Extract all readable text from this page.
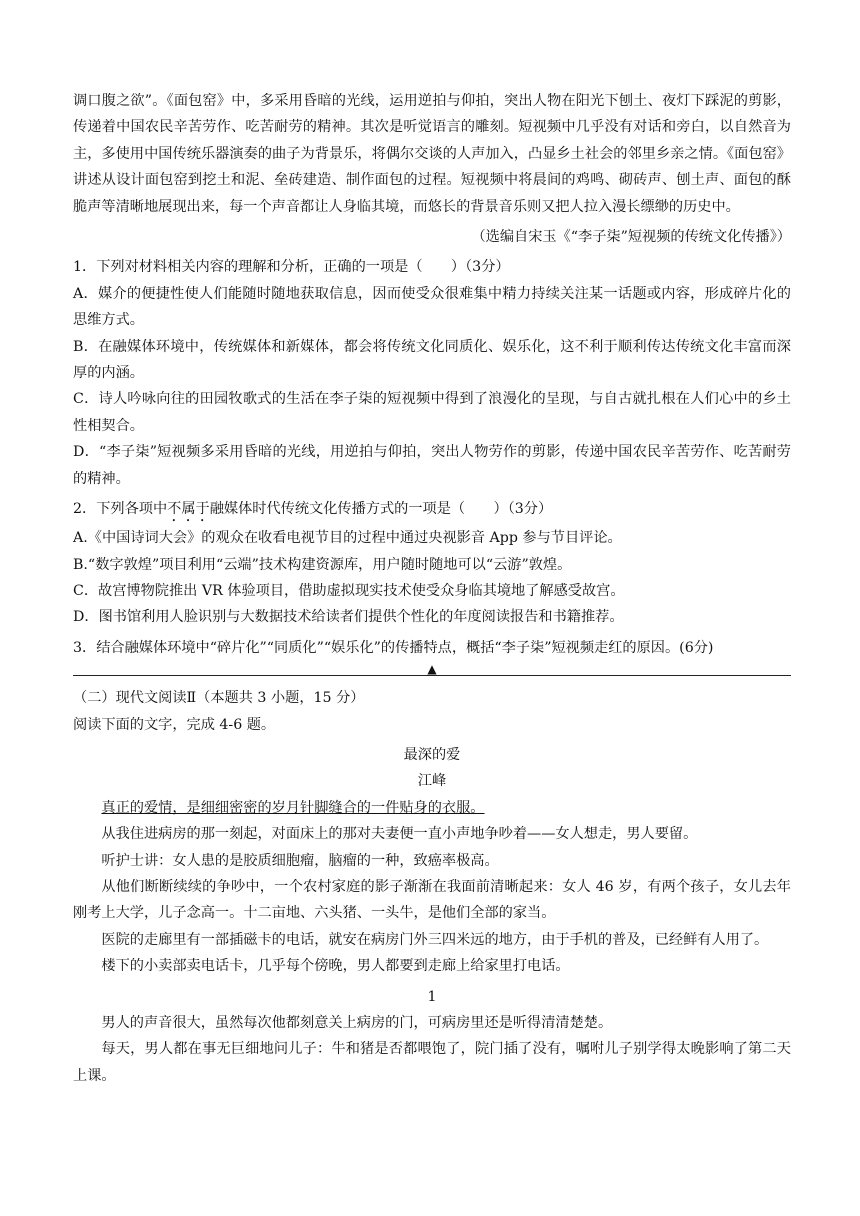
调口腹之欲”。《面包窑》中，多采用昏暗的光线，运用逆拍与仰拍，突出人物在阳光下刨土、夜灯下踩泥的剪影，传递着中国农民辛苦劳作、吃苦耐劳的精神。其次是听觉语言的雕刻。短视频中几乎没有对话和旁白，以自然音为主，多使用中国传统乐器演奏的曲子为背景乐，将偶尔交谈的人声加入，凸显乡土社会的邻里乡亲之情。《面包窑》讲述从设计面包窑到挖土和泥、垒砖建造、制作面包的过程。短视频中将晨间的鸡鸣、砌砖声、刨土声、面包的酥脆声等清晰地展现出来，每一个声音都让人身临其境，而悠长的背景音乐则又把人拉入漫长缥缈的历史中。

（选编自宋玉《“李子柒”短视频的传统文化传播》）

1．下列对材料相关内容的理解和分析，正确的一项是（　　）（3分）

A．媒介的便捷性使人们能随时随地获取信息，因而使受众很难集中精力持续关注某一话题或内容，形成碎片化的思维方式。

B．在融媒体环境中，传统媒体和新媒体，都会将传统文化同质化、娱乐化，这不利于顺利传达传统文化丰富而深厚的内涵。

C．诗人吟咏向往的田园牧歌式的生活在李子柒的短视频中得到了浪漫化的呈现，与自古就扎根在人们心中的乡土性相契合。

D．“李子柒”短视频多采用昏暗的光线，用逆拍与仰拍，突出人物劳作的剪影，传递中国农民辛苦劳作、吃苦耐劳的精神。

2．下列各项中不属于融媒体时代传统文化传播方式的一项是（　　）（3分）

A.《中国诗词大会》的观众在收看电视节目的过程中通过央视影音 App 参与节目评论。

B.“数字敦煌”项目利用“云端”技术构建资源库，用户随时随地可以“云游”敦煌。

C．故宫博物院推出 VR 体验项目，借助虚拟现实技术使受众身临其境地了解感受故宫。

D．图书馆利用人脸识别与大数据技术给读者们提供个性化的年度阅读报告和书籍推荐。

3．结合融媒体环境中“碎片化”“同质化”“娱乐化”的传播特点，概括“李子柒”短视频走红的原因。(6分)

▲

（二）现代文阅读Ⅱ（本题共 3 小题，15 分）

阅读下面的文字，完成 4-6 题。

最深的爱

江峰

真正的爱情，是细细密密的岁月针脚缝合的一件贴身的衣服。

从我住进病房的那一刻起，对面床上的那对夫妻便一直小声地争吵着——女人想走，男人要留。

听护士讲：女人患的是胶质细胞瘤，脑瘤的一种，致癌率极高。

从他们断断续续的争吵中，一个农村家庭的影子渐渐在我面前清晰起来：女人 46 岁，有两个孩子，女儿去年刚考上大学，儿子念高一。十二亩地、六头猪、一头牛，是他们全部的家当。

医院的走廊里有一部插磁卡的电话，就安在病房门外三四米远的地方，由于手机的普及，已经鲜有人用了。

楼下的小卖部卖电话卡，几乎每个傍晚，男人都要到走廊上给家里打电话。

1

男人的声音很大，虽然每次他都刻意关上病房的门，可病房里还是听得清清楚楚。

每天，男人都在事无巨细地问儿子：牛和猪是否都喂饱了，院门插了没有，嘱咐儿子别学得太晚影响了第二天上课。
